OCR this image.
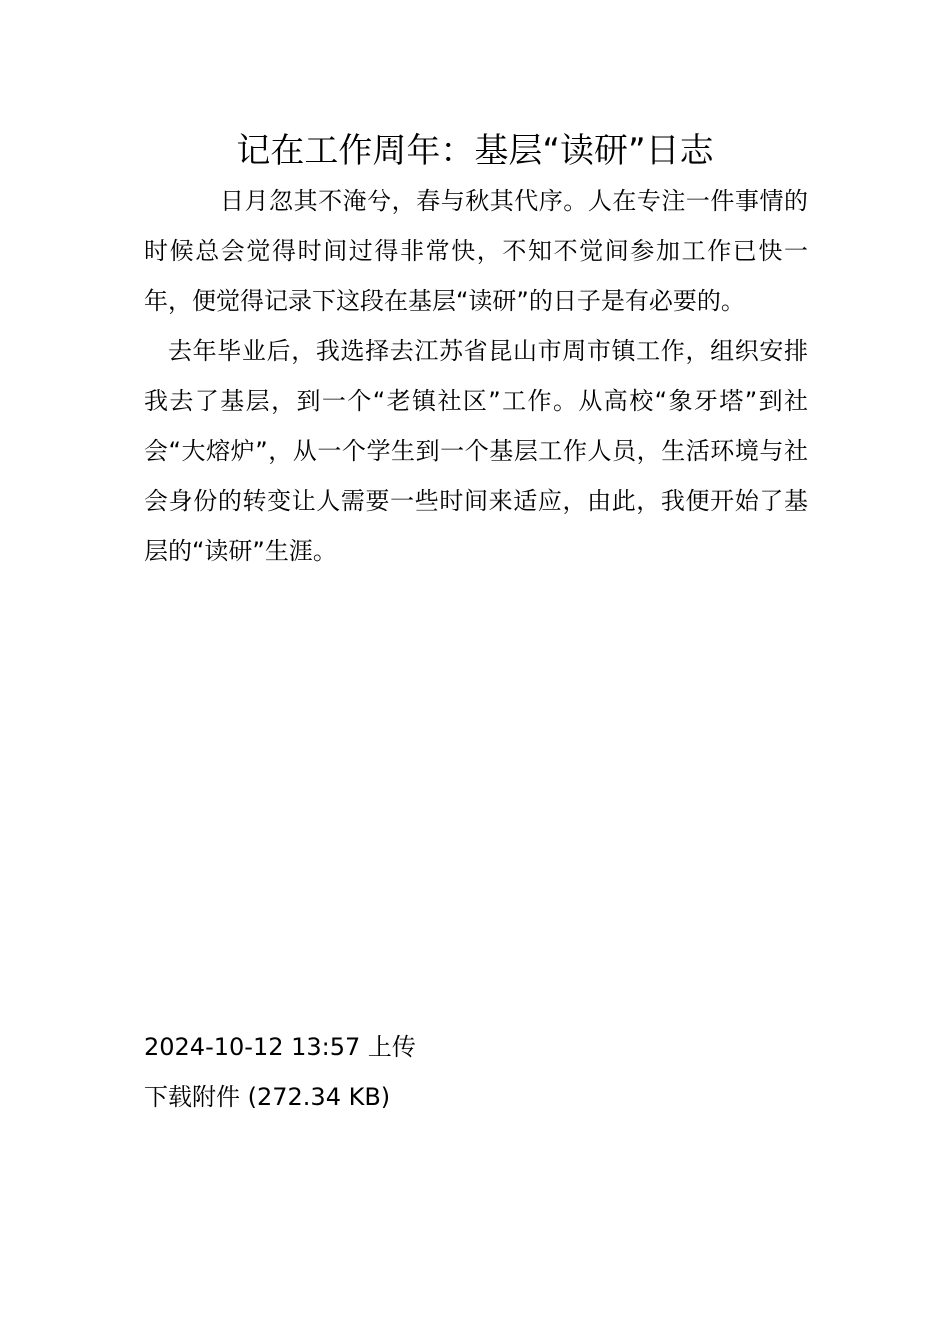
记在工作周年：基层“读研”日志

日月忽其不淹兮，春与秋其代序。人在专注一件事情的时候总会觉得时间过得非常快，不知不觉间参加工作已快一年，便觉得记录下这段在基层“读研”的日子是有必要的。

去年毕业后，我选择去江苏省昆山市周市镇工作，组织安排我去了基层，到一个“老镇社区”工作。从高校“象牙塔”到社会“大熔炉”，从一个学生到一个基层工作人员，生活环境与社会身份的转变让人需要一些时间来适应，由此，我便开始了基层的“读研”生涯。

2024-10-12 13:57 上传
下载附件 (272.34 KB)
